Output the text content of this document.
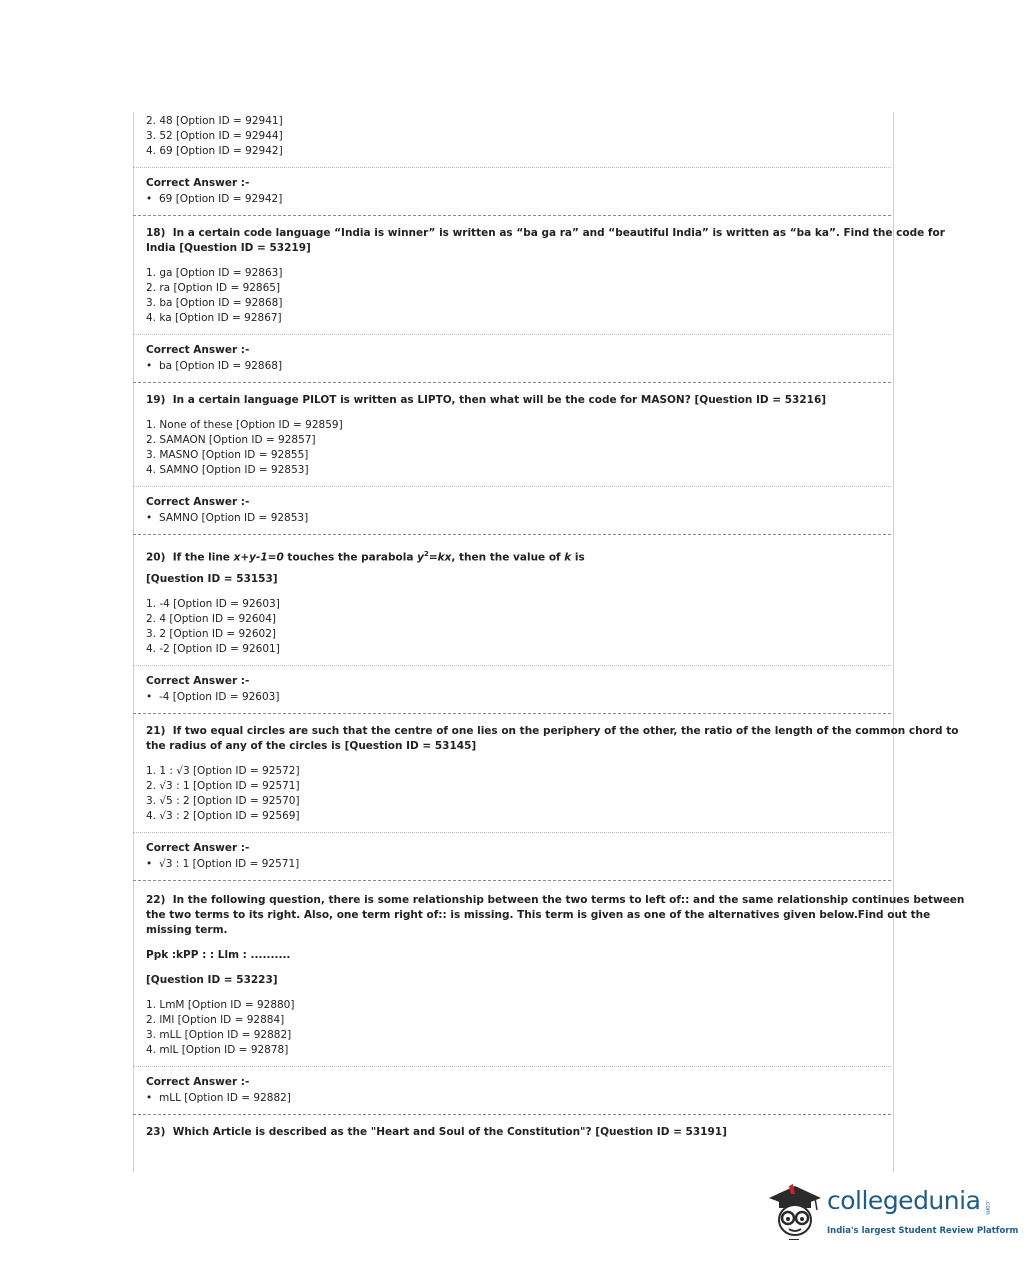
2. 48 [Option ID = 92941]
3. 52 [Option ID = 92944]
4. 69 [Option ID = 92942]
Correct Answer :-
• 69 [Option ID = 92942]
18) In a certain code language “India is winner” is written as “ba ga ra” and “beautiful India” is written as “ba ka”. Find the code for
India [Question ID = 53219]
1. ga [Option ID = 92863]
2. ra [Option ID = 92865]
3. ba [Option ID = 92868]
4. ka [Option ID = 92867]
Correct Answer :-
• ba [Option ID = 92868]
19) In a certain language PILOT is written as LIPTO, then what will be the code for MASON? [Question ID = 53216]
1. None of these [Option ID = 92859]
2. SAMAON [Option ID = 92857]
3. MASNO [Option ID = 92855]
4. SAMNO [Option ID = 92853]
Correct Answer :-
• SAMNO [Option ID = 92853]
20) If the line x+y-1=0 touches the parabola $y^2=kx$, then the value of k is
[Question ID = 53153]
1. -4 [Option ID = 92603]
2. 4 [Option ID = 92604]
3. 2 [Option ID = 92602]
4. -2 [Option ID = 92601]
Correct Answer :-
• -4 [Option ID = 92603]
21) If two equal circles are such that the centre of one lies on the periphery of the other, the ratio of the length of the common chord to
the radius of any of the circles is [Question ID = 53145]
1. 1 : √3 [Option ID = 92572]
2. √3 : 1 [Option ID = 92571]
3. √5 : 2 [Option ID = 92570]
4. √3 : 2 [Option ID = 92569]
Correct Answer :-
• √3 : 1 [Option ID = 92571]
22) In the following question, there is some relationship between the two terms to left of:: and the same relationship continues between
the two terms to its right. Also, one term right of:: is missing. This term is given as one of the alternatives given below.Find out the
missing term.
Ppk :kPP : : Llm : ..........
[Question ID = 53223]
1. LmM [Option ID = 92880]
2. lMl [Option ID = 92884]
3. mLL [Option ID = 92882]
4. mlL [Option ID = 92878]
Correct Answer :-
• mLL [Option ID = 92882]
23) Which Article is described as the "Heart and Soul of the Constitution"? [Question ID = 53191]
collegedunia .com
India's largest Student Review Platform
